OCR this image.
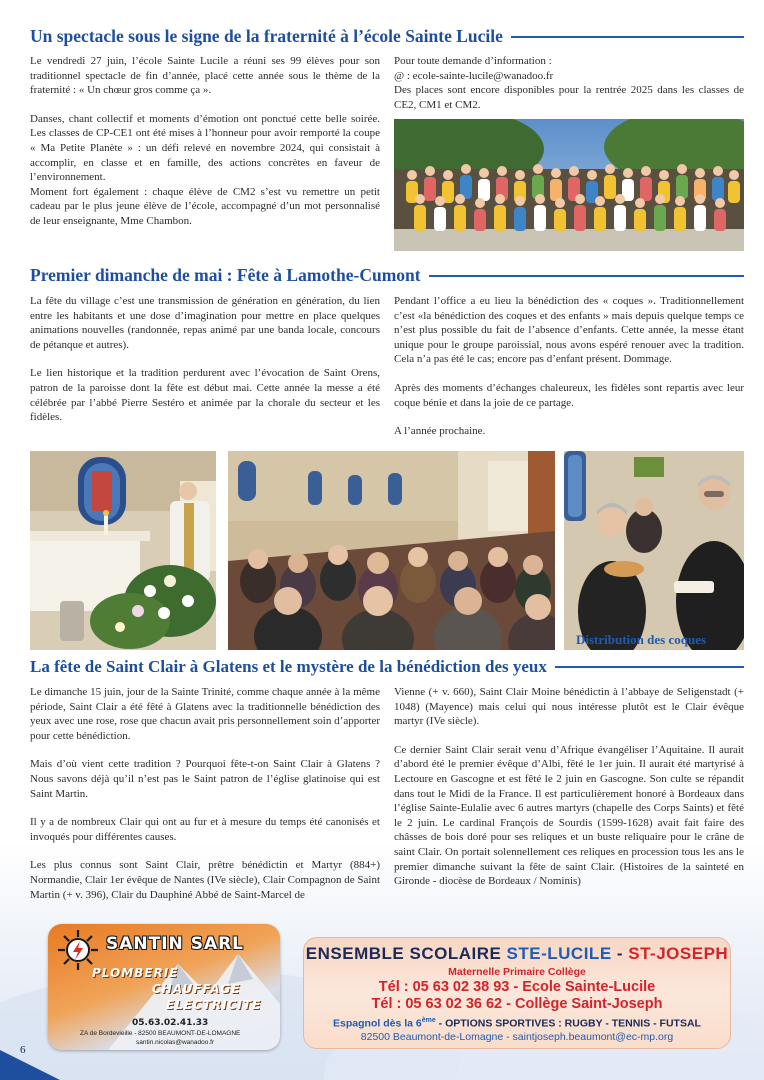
Un spectacle sous le signe de la fraternité à l’école Sainte Lucile

Le vendredi 27 juin, l’école Sainte Lucile a réuni ses 99 élèves pour son traditionnel spectacle de fin d’année, placé cette année sous le thème de la fraternité : « Un chœur gros comme ça ».

Danses, chant collectif et moments d’émotion ont ponctué cette belle soirée. Les classes de CP-CE1 ont été mises à l’honneur pour avoir remporté la coupe « Ma Petite Planète » : un défi relevé en novembre 2024, qui consistait à accomplir, en classe et en famille, des actions concrètes en faveur de l’environnement.

Moment fort également : chaque élève de CM2 s’est vu remettre un petit cadeau par le plus jeune élève de l’école, accompagné d’un mot personnalisé de leur enseignante, Mme Chambon.

Pour toute demande d’information :

@ : ecole-sainte-lucile@wanadoo.fr

Des places sont encore disponibles pour la rentrée 2025 dans les classes de CE2, CM1 et CM2.

Premier dimanche de mai : Fête à Lamothe-Cumont

La fête du village c’est une transmission de génération en génération, du lien entre les habitants et une dose d’imagination pour mettre en place quelques animations nouvelles (randonnée, repas animé par une banda locale, concours de pétanque et autres).

Le lien historique et la tradition perdurent avec l’évocation de Saint Orens, patron de la paroisse dont la fête est début mai. Cette année la messe a été célébrée par l’abbé Pierre Sestéro et animée par la chorale du secteur et les fidèles.

Pendant l’office a eu lieu la bénédiction des « coques ». Traditionnellement c’est «la bénédiction des coques et des enfants » mais depuis quelque temps ce n’est plus possible du fait de l’absence d’enfants. Cette année, la messe étant unique pour le groupe paroissial, nous avons espéré renouer avec la tradition. Cela n’a pas été le cas; encore pas d’enfant présent. Dommage.

Après des moments d’échanges chaleureux, les fidèles sont repartis avec leur coque bénie et dans la joie de ce partage.

A l’année prochaine.

Distribution des coques
La fête de Saint Clair à Glatens et le mystère de la bénédiction des yeux

Le dimanche 15 juin, jour de la Sainte Trinité, comme chaque année à la même période, Saint Clair a été fêté à Glatens avec la traditionnelle bénédiction des yeux avec une rose, rose que chacun avait pris personnellement soin d’apporter pour cette bénédiction.

Mais d’où vient cette tradition ? Pourquoi fête-t-on Saint Clair à Glatens ? Nous savons déjà qu’il n’est pas le Saint patron de l’église glatinoise qui est Saint Martin.

Il y a de nombreux Clair qui ont au fur et à mesure du temps été canonisés et invoqués pour différentes causes.

Les plus connus sont Saint Clair, prêtre bénédictin et Martyr (884+) Normandie, Clair 1er évêque de Nantes (IVe siècle), Clair Compagnon de Saint Martin (+ v. 396), Clair du Dauphiné Abbé de Saint-Marcel de

Vienne (+ v. 660), Saint Clair Moine bénédictin à l’abbaye de Seligenstadt (+ 1048) (Mayence) mais celui qui nous intéresse plutôt est le Clair évêque martyr (IVe siècle).

Ce dernier Saint Clair serait venu d’Afrique évangéliser l’Aquitaine. Il aurait d’abord été le premier évêque d’Albi, fêté le 1er juin. Il aurait été martyrisé à Lectoure en Gascogne et est fêté le 2 juin en Gascogne. Son culte se répandit dans tout le Midi de la France. Il est particulièrement honoré à Bordeaux dans l’église Sainte-Eulalie avec 6 autres martyrs (chapelle des Corps Saints) et fêté le 2 juin. Le cardinal François de Sourdis (1599-1628) avait fait faire des châsses de bois doré pour ses reliques et un buste reliquaire pour le crâne de saint Clair. On portait solennellement ces reliques en procession tous les ans le premier dimanche suivant la fête de saint Clair. (Histoires de la sainteté en Gironde - diocèse de Bordeaux / Nominis)

SANTIN SARL
PLOMBERIE
CHAUFFAGE
ELECTRICITE
05.63.02.41.33
ZA de Bordevieille - 82500 BEAUMONT-DE-LOMAGNE
santin.nicolas@wanadoo.fr
ENSEMBLE SCOLAIRE STE-LUCILE - ST-JOSEPH
Maternelle Primaire Collège
Tél : 05 63 02 38 93 - Ecole Sainte-Lucile
Tél : 05 63 02 36 62 - Collège Saint-Joseph
Espagnol dès la 6ème - OPTIONS SPORTIVES : RUGBY - TENNIS - FUTSAL
82500 Beaumont-de-Lomagne - saintjoseph.beaumont@ec-mp.org
6
